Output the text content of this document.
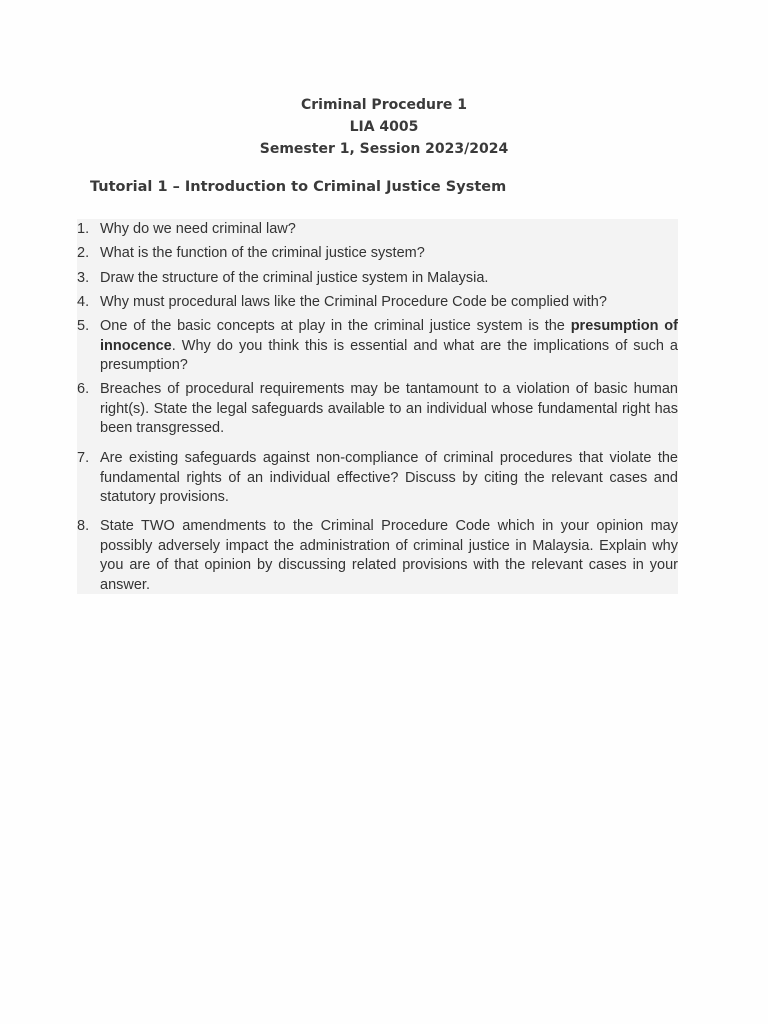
Criminal Procedure 1
LIA 4005
Semester 1, Session 2023/2024
Tutorial 1 – Introduction to Criminal Justice System
1. Why do we need criminal law?
2. What is the function of the criminal justice system?
3. Draw the structure of the criminal justice system in Malaysia.
4. Why must procedural laws like the Criminal Procedure Code be complied with?
5. One of the basic concepts at play in the criminal justice system is the presumption of innocence. Why do you think this is essential and what are the implications of such a presumption?
6. Breaches of procedural requirements may be tantamount to a violation of basic human right(s). State the legal safeguards available to an individual whose fundamental right has been transgressed.
7. Are existing safeguards against non-compliance of criminal procedures that violate the fundamental rights of an individual effective? Discuss by citing the relevant cases and statutory provisions.
8. State TWO amendments to the Criminal Procedure Code which in your opinion may possibly adversely impact the administration of criminal justice in Malaysia. Explain why you are of that opinion by discussing related provisions with the relevant cases in your answer.
